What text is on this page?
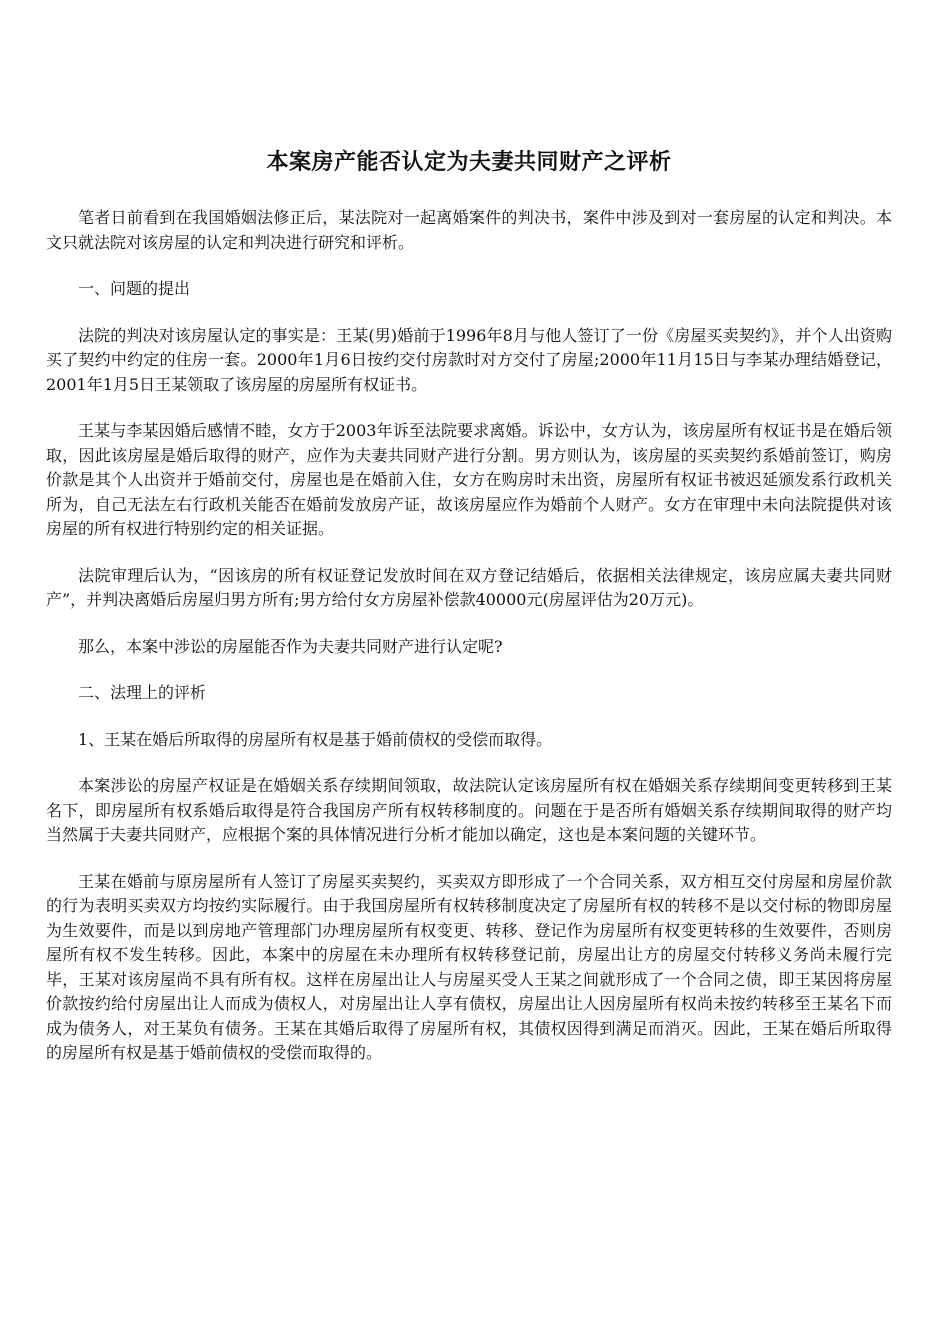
本案房产能否认定为夫妻共同财产之评析

笔者日前看到在我国婚姻法修正后，某法院对一起离婚案件的判决书，案件中涉及到对一套房屋的认定和判决。本文只就法院对该房屋的认定和判决进行研究和评析。

一、问题的提出

法院的判决对该房屋认定的事实是：王某(男)婚前于1996年8月与他人签订了一份《房屋买卖契约》，并个人出资购买了契约中约定的住房一套。2000年1月6日按约交付房款时对方交付了房屋;2000年11月15日与李某办理结婚登记，2001年1月5日王某领取了该房屋的房屋所有权证书。

王某与李某因婚后感情不睦，女方于2003年诉至法院要求离婚。诉讼中，女方认为，该房屋所有权证书是在婚后领取，因此该房屋是婚后取得的财产，应作为夫妻共同财产进行分割。男方则认为，该房屋的买卖契约系婚前签订，购房价款是其个人出资并于婚前交付，房屋也是在婚前入住，女方在购房时未出资，房屋所有权证书被迟延颁发系行政机关所为，自己无法左右行政机关能否在婚前发放房产证，故该房屋应作为婚前个人财产。女方在审理中未向法院提供对该房屋的所有权进行特别约定的相关证据。

法院审理后认为，“因该房的所有权证登记发放时间在双方登记结婚后，依据相关法律规定，该房应属夫妻共同财产”，并判决离婚后房屋归男方所有;男方给付女方房屋补偿款40000元(房屋评估为20万元)。

那么，本案中涉讼的房屋能否作为夫妻共同财产进行认定呢?

二、法理上的评析

1、王某在婚后所取得的房屋所有权是基于婚前债权的受偿而取得。

本案涉讼的房屋产权证是在婚姻关系存续期间领取，故法院认定该房屋所有权在婚姻关系存续期间变更转移到王某名下，即房屋所有权系婚后取得是符合我国房产所有权转移制度的。问题在于是否所有婚姻关系存续期间取得的财产均当然属于夫妻共同财产，应根据个案的具体情况进行分析才能加以确定，这也是本案问题的关键环节。

王某在婚前与原房屋所有人签订了房屋买卖契约，买卖双方即形成了一个合同关系，双方相互交付房屋和房屋价款的行为表明买卖双方均按约实际履行。由于我国房屋所有权转移制度决定了房屋所有权的转移不是以交付标的物即房屋为生效要件，而是以到房地产管理部门办理房屋所有权变更、转移、登记作为房屋所有权变更转移的生效要件，否则房屋所有权不发生转移。因此，本案中的房屋在未办理所有权转移登记前，房屋出让方的房屋交付转移义务尚未履行完毕，王某对该房屋尚不具有所有权。这样在房屋出让人与房屋买受人王某之间就形成了一个合同之债，即王某因将房屋价款按约给付房屋出让人而成为债权人，对房屋出让人享有债权，房屋出让人因房屋所有权尚未按约转移至王某名下而成为债务人，对王某负有债务。王某在其婚后取得了房屋所有权，其债权因得到满足而消灭。因此，王某在婚后所取得的房屋所有权是基于婚前债权的受偿而取得的。
